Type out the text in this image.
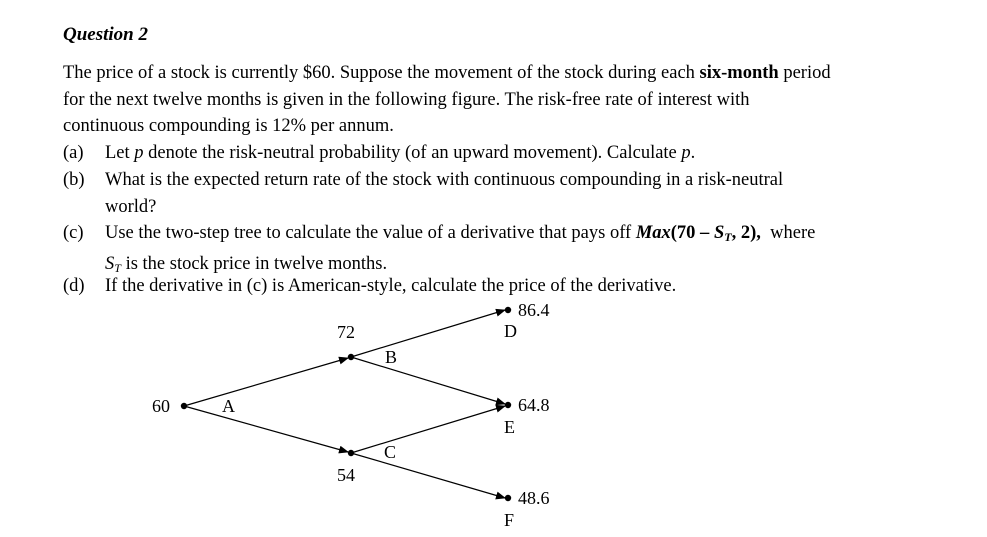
Question 2
The price of a stock is currently $60. Suppose the movement of the stock during each six-month period
for the next twelve months is given in the following figure. The risk-free rate of interest with
continuous compounding is 12% per annum.
(a) Let p denote the risk-neutral probability (of an upward movement). Calculate p.
(b) What is the expected return rate of the stock with continuous compounding in a risk-neutral
world?
(c) Use the two-step tree to calculate the value of a derivative that pays off $Max(70 - S_T$, 2),  where
$S_T$ is the stock price in twelve months.
(d) If the derivative in (c) is American-style, calculate the price of the derivative.
60	A
72
B
54
C
86.4
D
64.8
E
48.6
F
